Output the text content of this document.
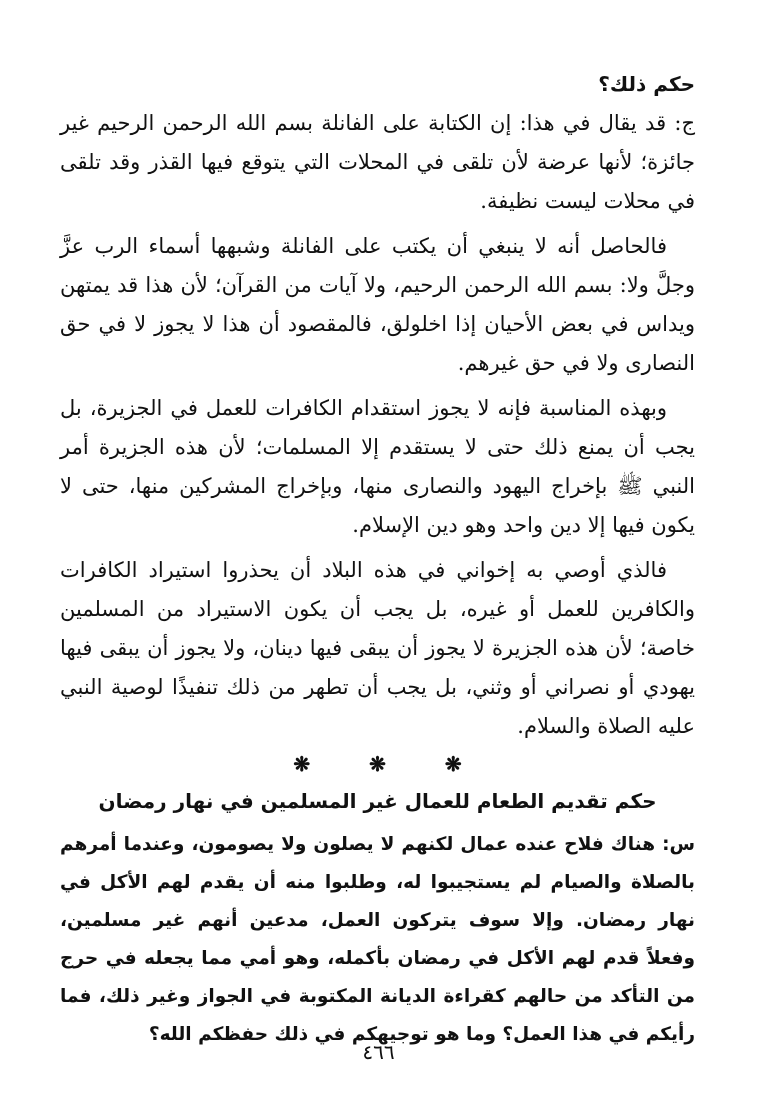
حكم ذلك؟

ج: قد يقال في هذا: إن الكتابة على الفانلة بسم الله الرحمن الرحيم غير جائزة؛ لأنها عرضة لأن تلقى في المحلات التي يتوقع فيها القذر وقد تلقى في محلات ليست نظيفة.

فالحاصل أنه لا ينبغي أن يكتب على الفانلة وشبهها أسماء الرب عزَّ وجلَّ ولا: بسم الله الرحمن الرحيم، ولا آيات من القرآن؛ لأن هذا قد يمتهن ويداس في بعض الأحيان إذا اخلولق، فالمقصود أن هذا لا يجوز لا في حق النصارى ولا في حق غيرهم.

وبهذه المناسبة فإنه لا يجوز استقدام الكافرات للعمل في الجزيرة، بل يجب أن يمنع ذلك حتى لا يستقدم إلا المسلمات؛ لأن هذه الجزيرة أمر النبي ﷺ بإخراج اليهود والنصارى منها، وبإخراج المشركين منها، حتى لا يكون فيها إلا دين واحد وهو دين الإسلام.

فالذي أوصي به إخواني في هذه البلاد أن يحذروا استيراد الكافرات والكافرين للعمل أو غيره، بل يجب أن يكون الاستيراد من المسلمين خاصة؛ لأن هذه الجزيرة لا يجوز أن يبقى فيها دينان، ولا يجوز أن يبقى فيها يهودي أو نصراني أو وثني، بل يجب أن تطهر من ذلك تنفيذًا لوصية النبي عليه الصلاة والسلام.

❋ ❋ ❋
حكم تقديم الطعام للعمال غير المسلمين في نهار رمضان

س: هناك فلاح عنده عمال لكنهم لا يصلون ولا يصومون، وعندما أمرهم بالصلاة والصيام لم يستجيبوا له، وطلبوا منه أن يقدم لهم الأكل في نهار رمضان. وإلا سوف يتركون العمل، مدعين أنهم غير مسلمين، وفعلاً قدم لهم الأكل في رمضان بأكمله، وهو أمي مما يجعله في حرج من التأكد من حالهم كقراءة الديانة المكتوبة في الجواز وغير ذلك، فما رأيكم في هذا العمل؟ وما هو توجيهكم في ذلك حفظكم الله؟

٤٦٦
